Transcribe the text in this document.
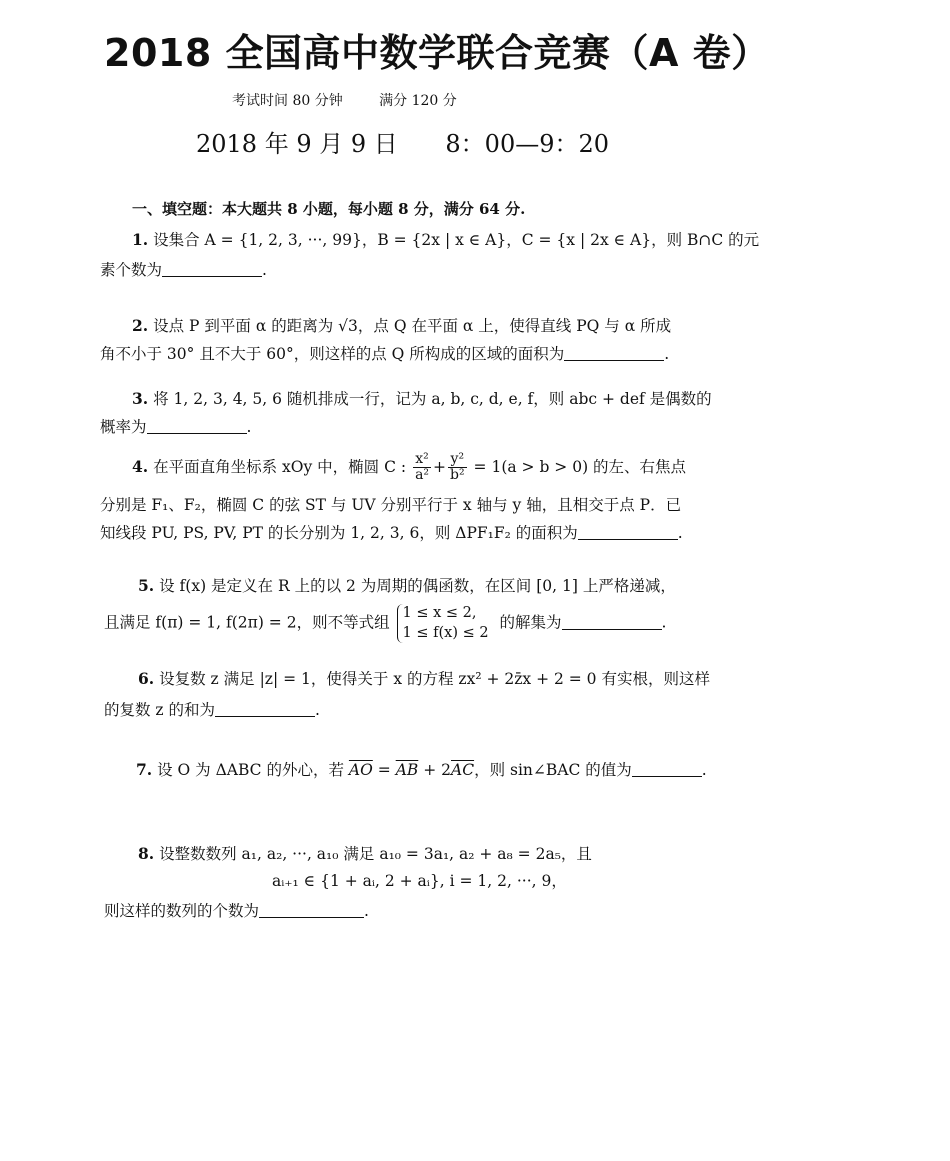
2018 全国高中数学联合竞赛（A 卷）
考试时间 80 分钟	满分 120 分
2018 年 9 月 9 日 8：00—9：20
一、填空题：本大题共 8 小题，每小题 8 分，满分 64 分.
1. 设集合 A = {1, 2, 3, ···, 99}，B = {2x | x ∈ A}，C = {x | 2x ∈ A}，则 B∩C 的元
素个数为	.
2. 设点 P 到平面 α 的距离为 √3，点 Q 在平面 α 上，使得直线 PQ 与 α 所成
角不小于 30° 且不大于 60°，则这样的点 Q 所构成的区域的面积为	.
3. 将 1, 2, 3, 4, 5, 6 随机排成一行，记为 a, b, c, d, e, f，则 abc + def 是偶数的
概率为	.
4. 在平面直角坐标系 xOy 中，椭圆 C : $\frac{\text{x²}}{\text{a²}} + \frac{\text{y²}}{\text{b²}} = 1(a > b > 0)$ 的左、右焦点
分别是 F₁、F₂，椭圆 C 的弦 ST 与 UV 分别平行于 x 轴与 y 轴，且相交于点 P．已
知线段 PU, PS, PV, PT 的长分别为 1, 2, 3, 6，则 ΔPF₁F₂ 的面积为	.
5. 设 f(x) 是定义在 R 上的以 2 为周期的偶函数，在区间 [0, 1] 上严格递减，
且满足 f(π) = 1, f(2π) = 2，则不等式组
1 ≤ x ≤ 2,
1 ≤ f(x) ≤ 2
的解集为	.
6. 设复数 z 满足 |z| = 1，使得关于 x 的方程 zx² + 2z̄x + 2 = 0 有实根，则这样
的复数 z 的和为	.
7. 设 O 为 ΔABC 的外心，若 $\overline{AO} = \overline{AB} + 2\overline{AC}$，则 sin∠BAC 的值为	.
8. 设整数数列 a₁, a₂, ···, a₁₀ 满足 a₁₀ = 3a₁, a₂ + a₈ = 2a₅，且
aᵢ₊₁ ∈ {1 + aᵢ, 2 + aᵢ}, i = 1, 2, ···, 9，
则这样的数列的个数为	.
